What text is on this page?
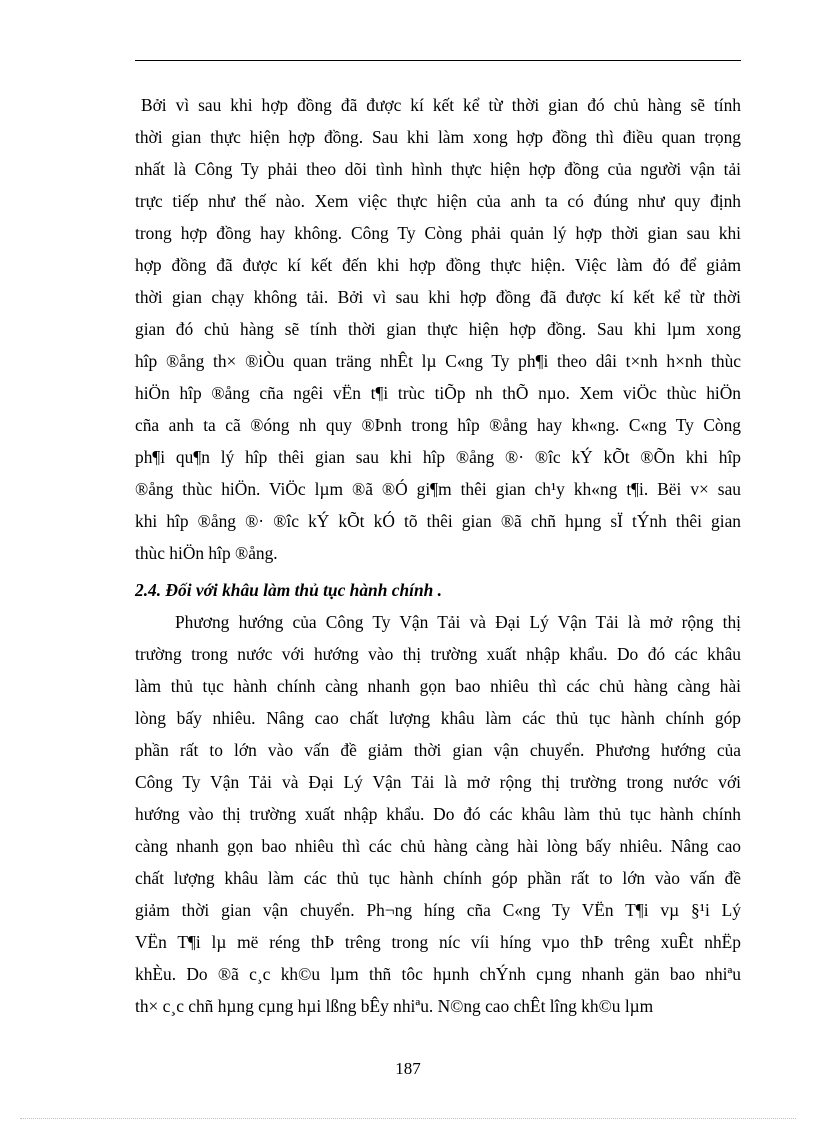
Bởi vì sau khi hợp đồng đã được kí kết kể từ thời gian đó chủ hàng sẽ tính
thời gian thực hiện hợp đồng. Sau khi làm xong hợp đồng thì điều quan trọng
nhất là Công Ty phải theo dõi tình hình thực hiện hợp đồng của người vận tải
trực tiếp như thế nào. Xem việc thực hiện của anh ta có đúng như quy định
trong hợp đồng hay không. Công Ty Còng phải quản lý hợp thời gian sau khi
hợp đồng đã được kí kết đến khi hợp đồng thực hiện. Việc làm đó để giảm
thời gian chạy không tải. Bởi vì sau khi hợp đồng đã được kí kết kể từ thời
gian đó chủ hàng sẽ tính thời gian thực hiện hợp đồng. Sau khi lµm xong
hîp ®ång th× ®iÒu quan träng nhÊt lµ C«ng Ty ph¶i theo dâi t×nh h×nh thùc
hiÖn hîp ®ång cña ngêi vËn t¶i trùc tiÕp nh thÕ nµo. Xem viÖc thùc hiÖn
cña anh ta cã ®óng nh quy ®Þnh trong hîp ®ång hay kh«ng. C«ng Ty Còng
ph¶i qu¶n lý hîp thêi gian sau khi hîp ®ång ®· ®îc kÝ kÕt ®Õn khi hîp
®ång thùc hiÖn. ViÖc lµm ®ã ®Ó gi¶m thêi gian ch¹y kh«ng t¶i. Bëi v× sau
khi hîp ®ång ®· ®îc kÝ kÕt kÓ tõ thêi gian ®ã chñ hµng sÏ tÝnh thêi gian
thùc hiÖn hîp ®ång.
2.4. Đối với khâu làm thủ tục hành chính .
Phương hướng của Công Ty Vận Tải và Đại Lý Vận Tải là mở rộng thị
trường trong nước với hướng vào thị trường xuất nhập khẩu. Do đó các khâu
làm thủ tục hành chính càng nhanh gọn bao nhiêu thì các chủ hàng càng hài
lòng bấy nhiêu. Nâng cao chất lượng khâu làm các thủ tục hành chính góp
phần rất to lớn vào vấn đề giảm thời gian vận chuyển. Phương hướng của
Công Ty Vận Tải và Đại Lý Vận Tải là mở rộng thị trường trong nước với
hướng vào thị trường xuất nhập khẩu. Do đó các khâu làm thủ tục hành chính
càng nhanh gọn bao nhiêu thì các chủ hàng càng hài lòng bấy nhiêu. Nâng cao
chất lượng khâu làm các thủ tục hành chính góp phần rất to lớn vào vấn đề
giảm thời gian vận chuyển. Ph¬ng híng cña C«ng Ty VËn T¶i vµ §¹i Lý
VËn T¶i lµ më réng thÞ trêng trong níc víi híng vµo thÞ trêng xuÊt nhËp
khÈu. Do ®ã c¸c kh©u lµm thñ tôc hµnh chÝnh cµng nhanh gän bao nhiªu
th× c¸c chñ hµng cµng hµi lßng bÊy nhiªu. N©ng cao chÊt lîng kh©u lµm
187
